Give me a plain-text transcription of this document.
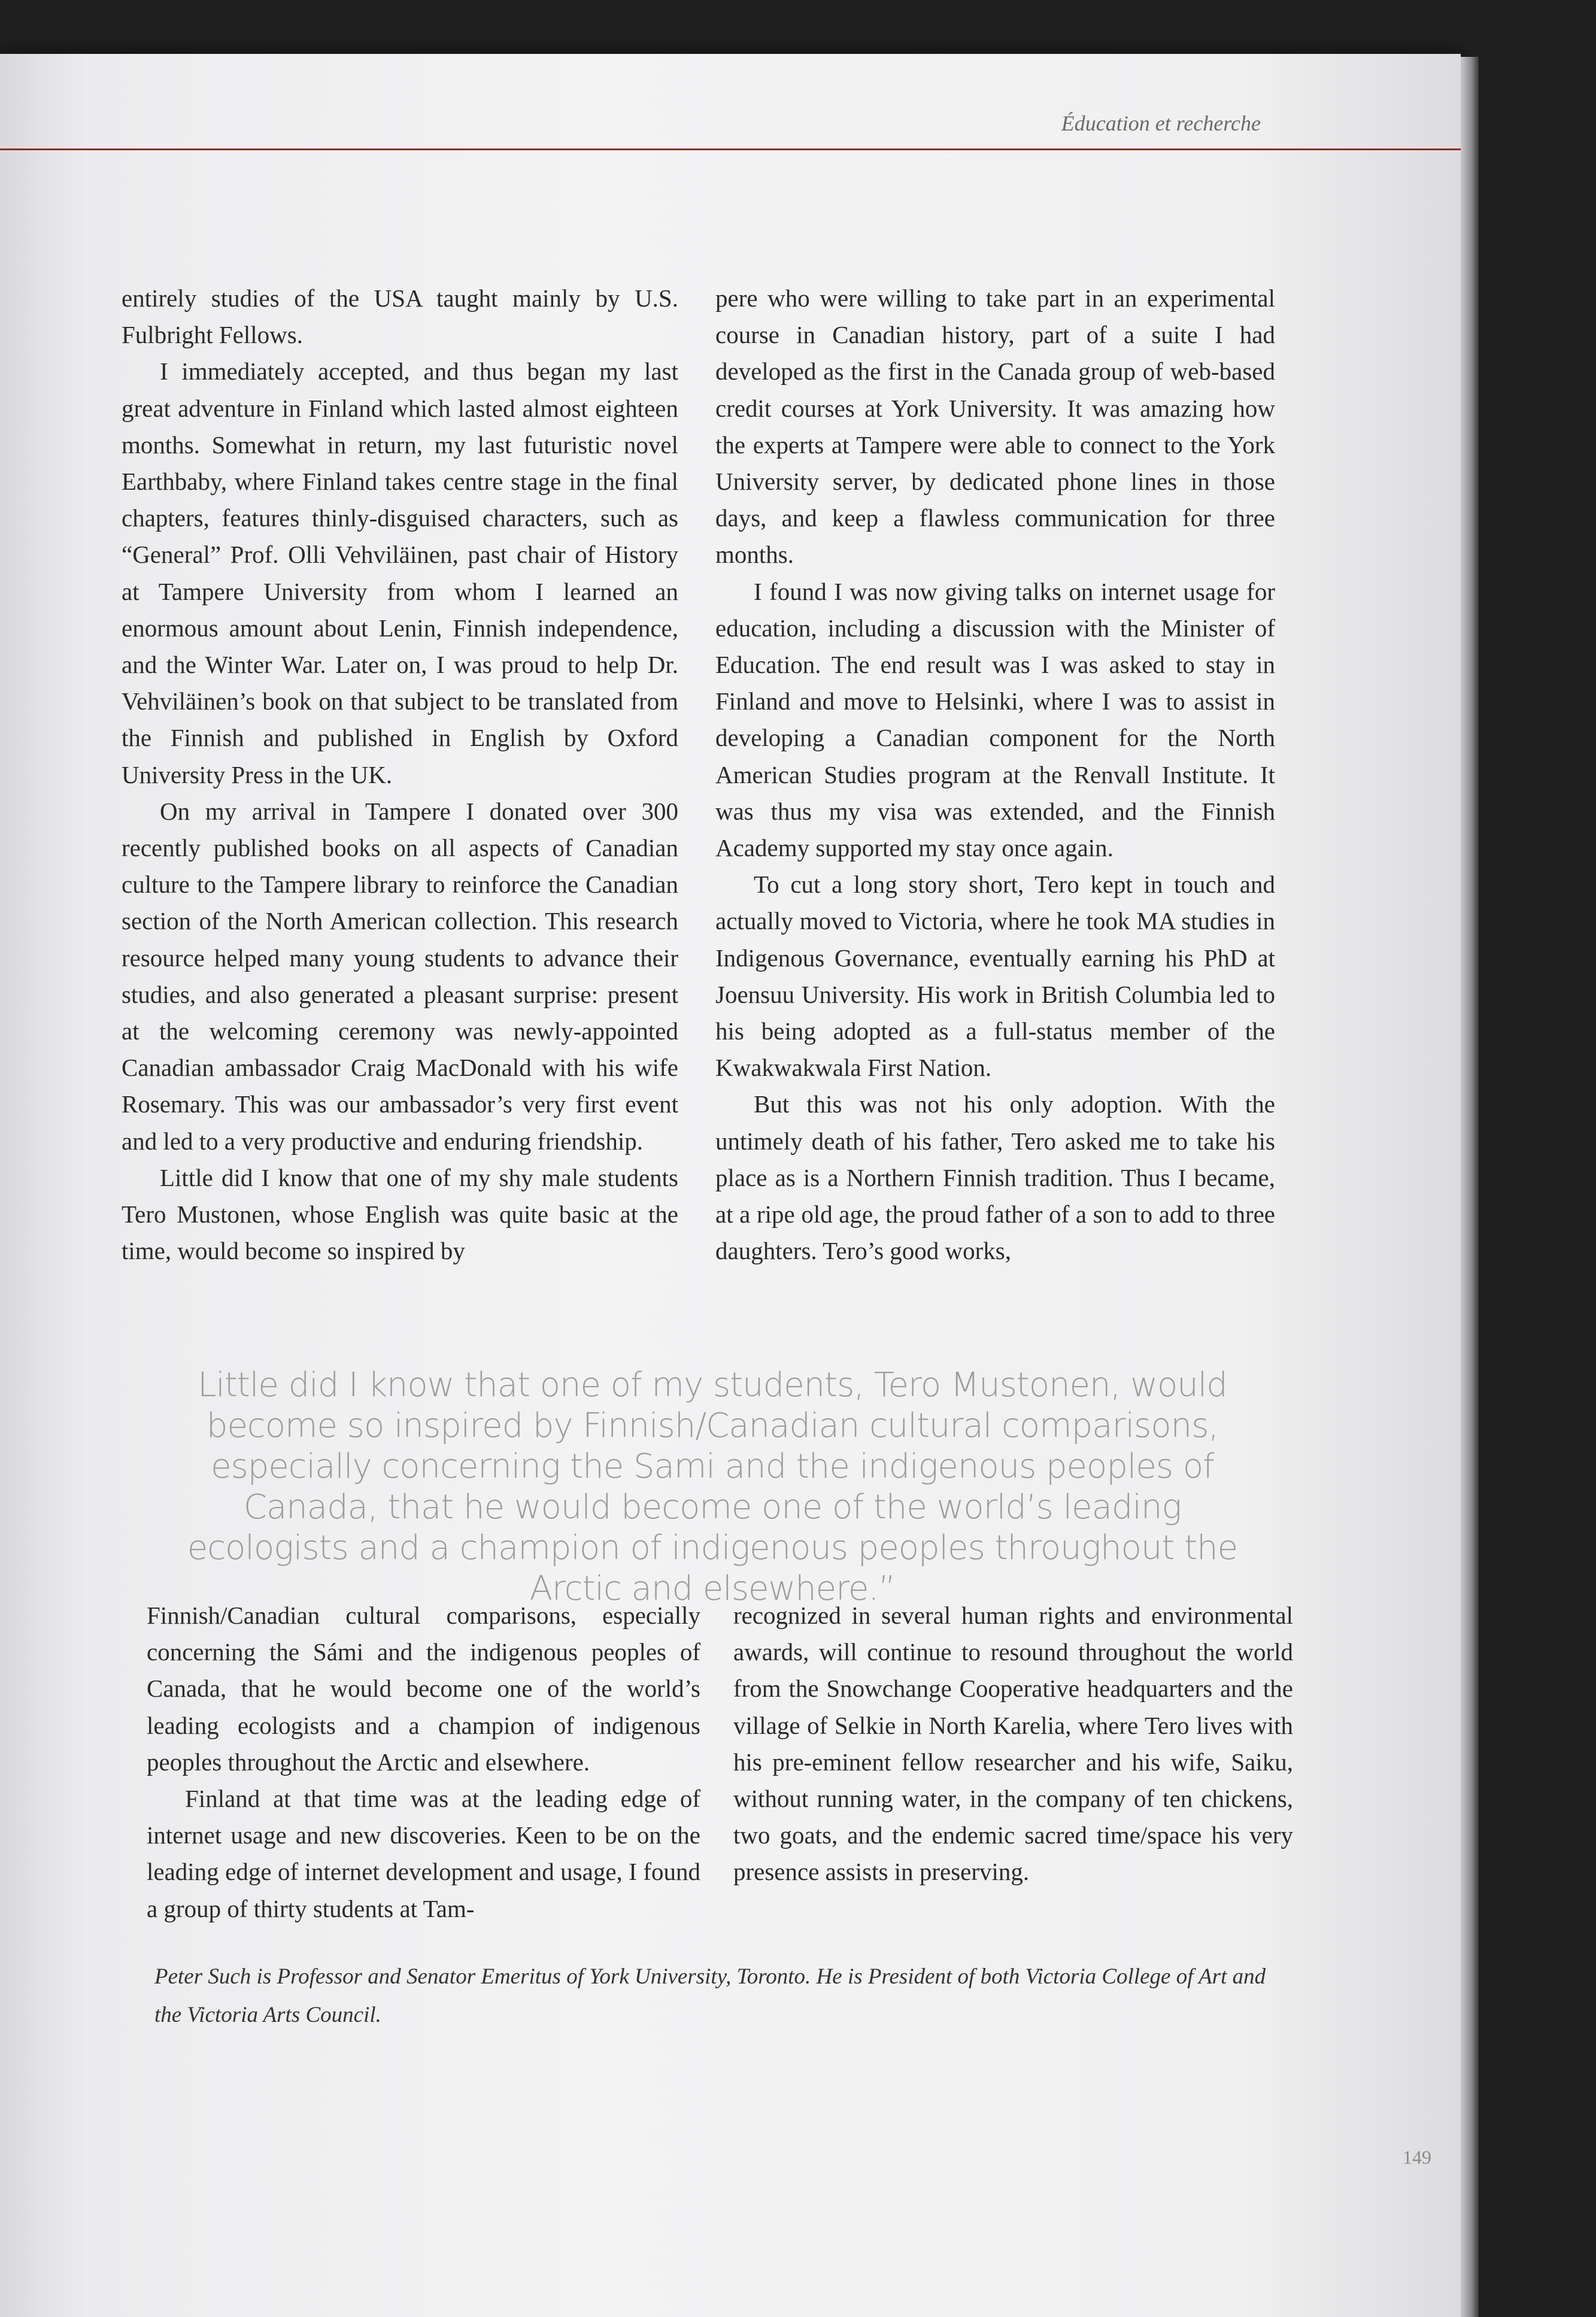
Éducation et recherche

entirely studies of the USA taught mainly by U.S. Fulbright Fellows.

I immediately accepted, and thus began my last great adventure in Finland which lasted almost eighteen months. Somewhat in return, my last futuristic novel Earthbaby, where Finland takes centre stage in the final chapters, features thinly-disguised characters, such as “General” Prof. Olli Vehviläinen, past chair of History at Tampere University from whom I learned an enormous amount about Lenin, Finnish independence, and the Winter War. Later on, I was proud to help Dr. Vehviläinen’s book on that subject to be translated from the Finnish and published in English by Oxford University Press in the UK.

On my arrival in Tampere I donated over 300 recently published books on all aspects of Canadian culture to the Tampere library to reinforce the Canadian section of the North American collection. This research resource helped many young students to advance their studies, and also generated a pleasant surprise: present at the welcoming ceremony was newly-appointed Canadian ambassador Craig MacDonald with his wife Rosemary. This was our ambassador’s very first event and led to a very productive and enduring friendship.

Little did I know that one of my shy male students Tero Mustonen, whose English was quite basic at the time, would become so inspired by

pere who were willing to take part in an experimental course in Canadian history, part of a suite I had developed as the first in the Canada group of web-based credit courses at York University. It was amazing how the experts at Tampere were able to connect to the York University server, by dedicated phone lines in those days, and keep a flawless communication for three months.

I found I was now giving talks on internet usage for education, including a discussion with the Minister of Education. The end result was I was asked to stay in Finland and move to Helsinki, where I was to assist in developing a Canadian component for the North American Studies program at the Renvall Institute. It was thus my visa was extended, and the Finnish Academy supported my stay once again.

To cut a long story short, Tero kept in touch and actually moved to Victoria, where he took MA studies in Indigenous Governance, eventually earning his PhD at Joensuu University. His work in British Columbia led to his being adopted as a full-status member of the Kwakwakwala First Nation.

But this was not his only adoption. With the untimely death of his father, Tero asked me to take his place as is a Northern Finnish tradition. Thus I became, at a ripe old age, the proud father of a son to add to three daughters. Tero’s good works,

Little did I know that one of my students, Tero Mustonen, would become so inspired by Finnish/Canadian cultural comparisons, especially concerning the Sami and the indigenous peoples of Canada, that he would become one of the world’s leading ecologists and a champion of indigenous peoples throughout the Arctic and elsewhere.”

Finnish/Canadian cultural comparisons, especially concerning the Sámi and the indigenous peoples of Canada, that he would become one of the world’s leading ecologists and a champion of indigenous peoples throughout the Arctic and elsewhere.

Finland at that time was at the leading edge of internet usage and new discoveries. Keen to be on the leading edge of internet development and usage, I found a group of thirty students at Tam-

recognized in several human rights and environmental awards, will continue to resound throughout the world from the Snowchange Cooperative headquarters and the village of Selkie in North Karelia, where Tero lives with his pre-eminent fellow researcher and his wife, Saiku, without running water, in the company of ten chickens, two goats, and the endemic sacred time/space his very presence assists in preserving.

Peter Such is Professor and Senator Emeritus of York University, Toronto. He is President of both Victoria College of Art and the Victoria Arts Council.
149
